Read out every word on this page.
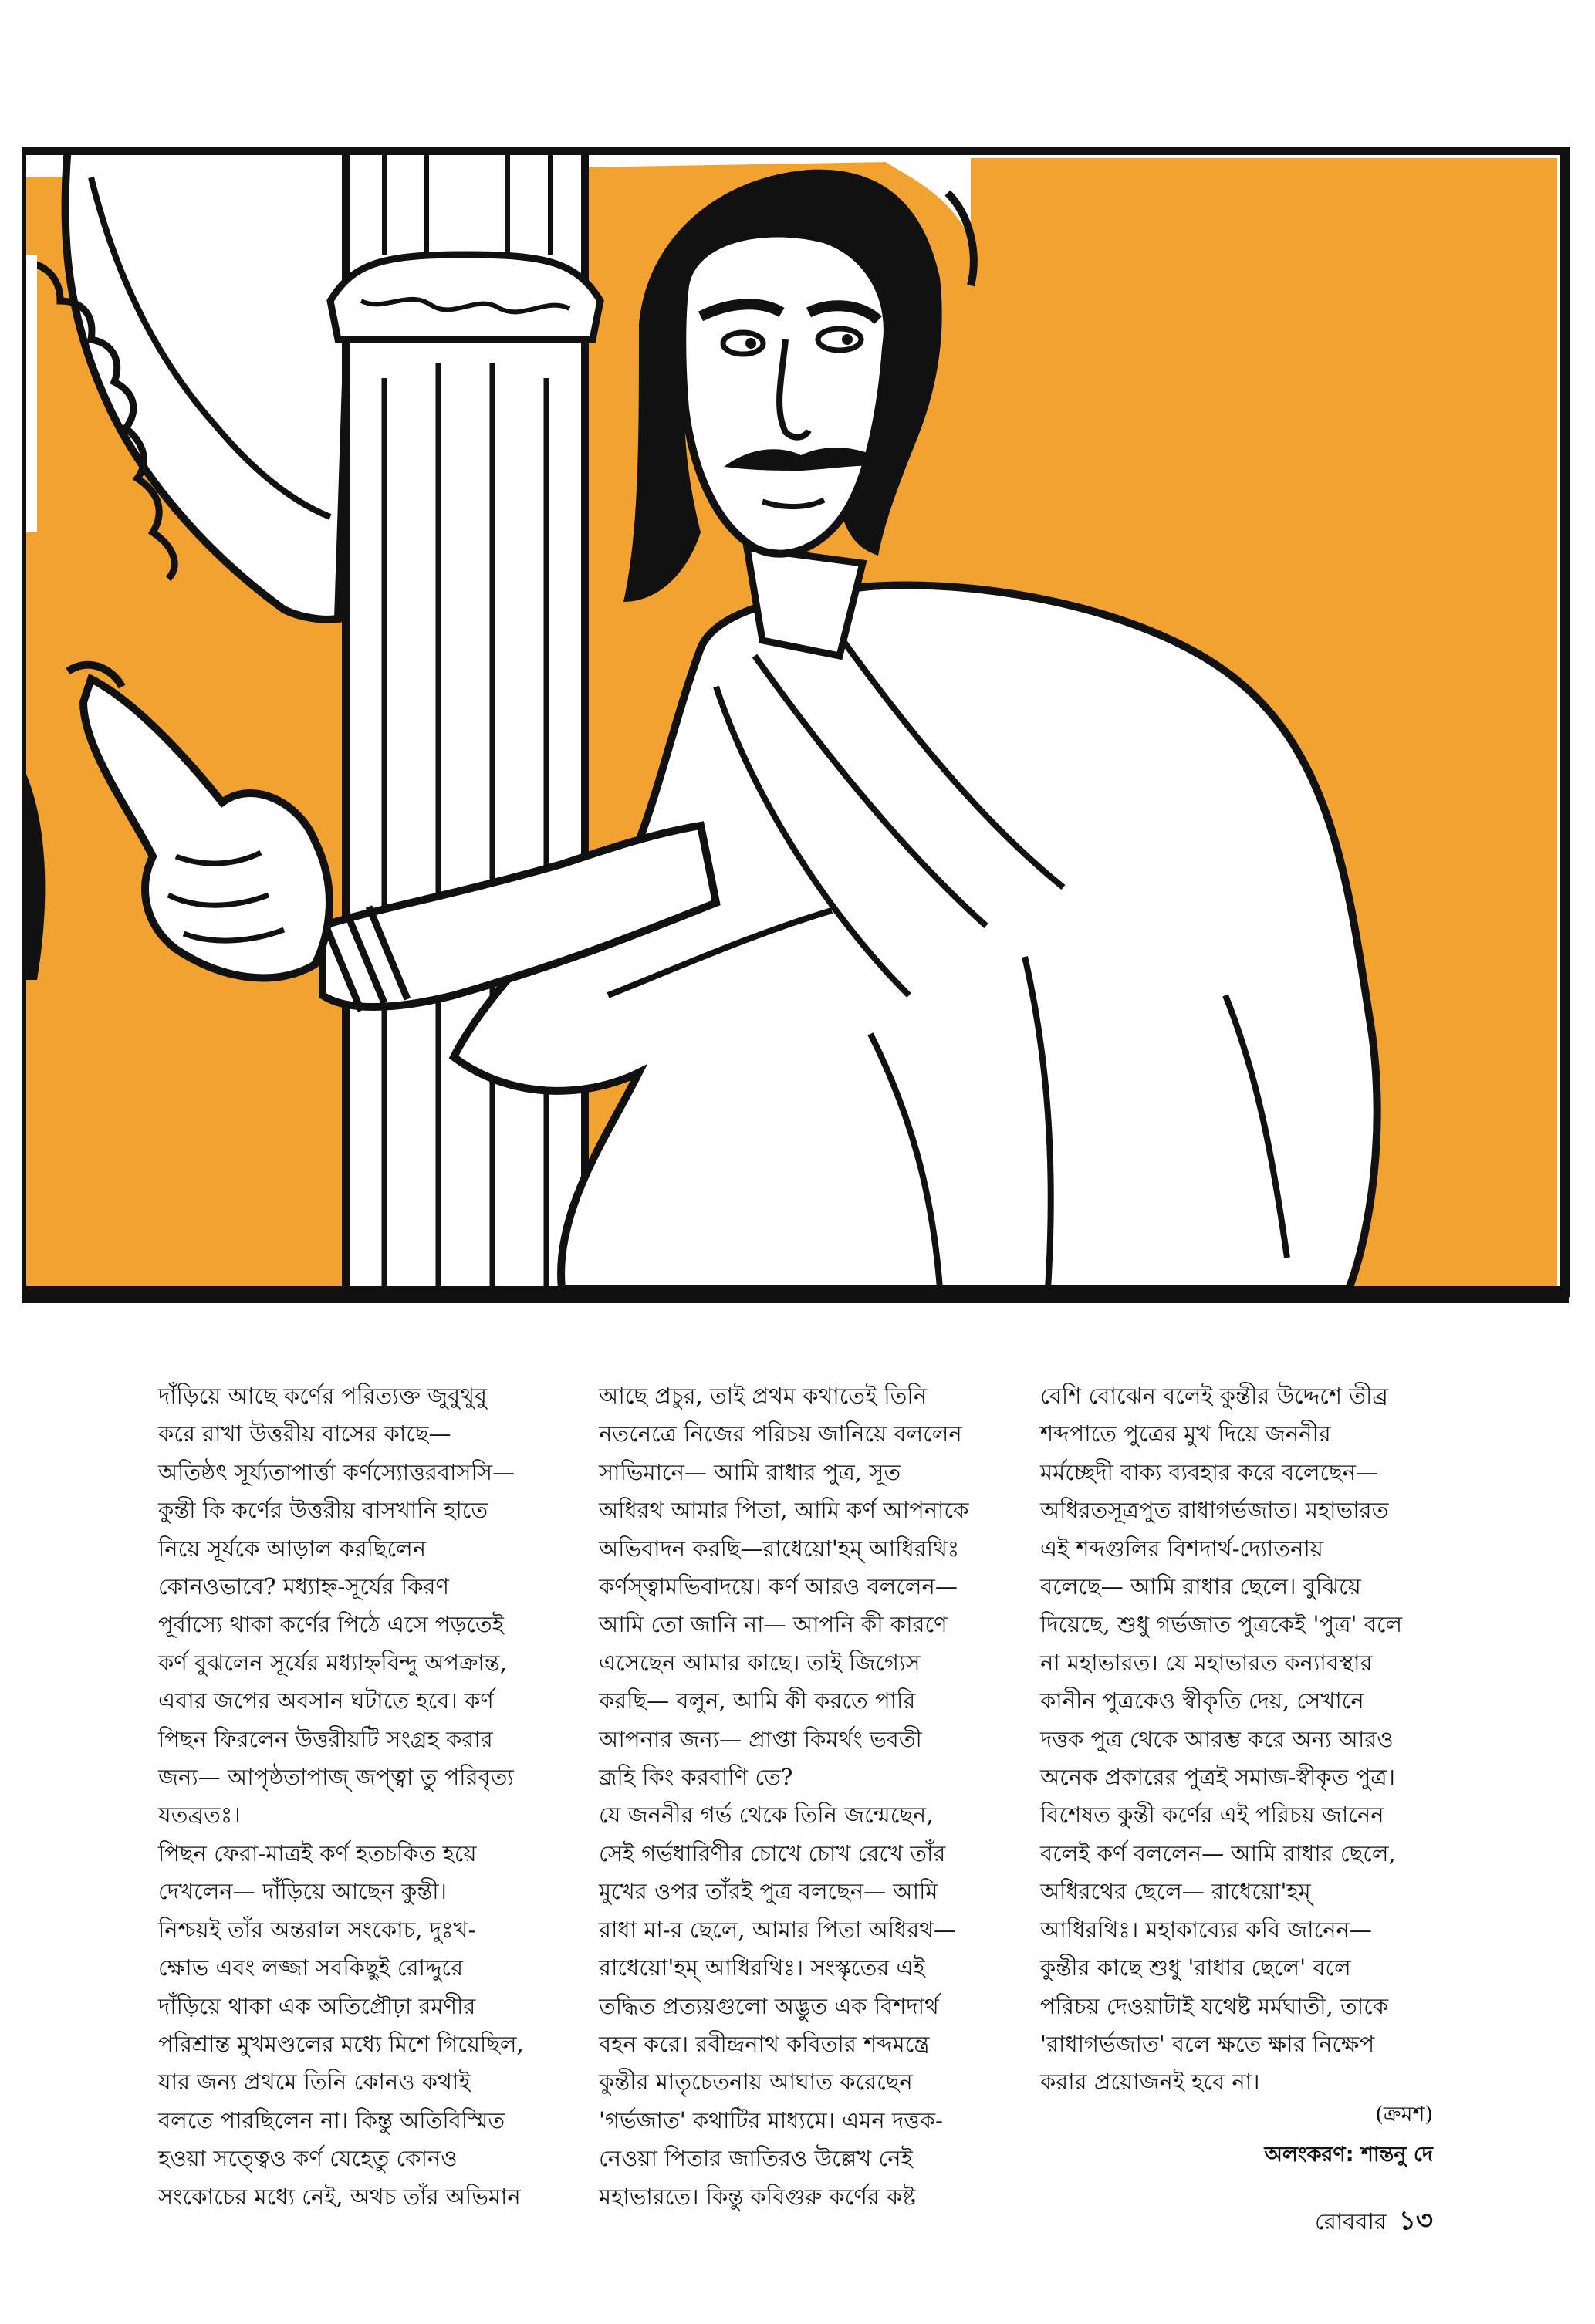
দাঁড়িয়ে আছে কর্ণের পরিত্যক্ত জুবুথুবু
করে রাখা উত্তরীয় বাসের কাছে—
অতিষ্ঠৎ সূর্য্যতাপার্ত্তা কর্ণস্যোত্তরবাসসি—
কুন্তী কি কর্ণের উত্তরীয় বাসখানি হাতে
নিয়ে সূর্যকে আড়াল করছিলেন
কোনওভাবে? মধ্যাহ্ন-সূর্যের কিরণ
পূর্বাস্যে থাকা কর্ণের পিঠে এসে পড়তেই
কর্ণ বুঝলেন সূর্যের মধ্যাহ্নবিন্দু অপক্রান্ত,
এবার জপের অবসান ঘটাতে হবে। কর্ণ
পিছন ফিরলেন উত্তরীয়টি সংগ্রহ করার
জন্য— আপৃষ্ঠতাপাজ্ জপ্ত্বা তু পরিবৃত্য
যতব্রতঃ।
পিছন ফেরা-মাত্রই কর্ণ হতচকিত হয়ে
দেখলেন— দাঁড়িয়ে আছেন কুন্তী।
নিশ্চয়ই তাঁর অন্তরাল সংকোচ, দুঃখ-
ক্ষোভ এবং লজ্জা সবকিছুই রোদ্দুরে
দাঁড়িয়ে থাকা এক অতিপ্রৌঢ়া রমণীর
পরিশ্রান্ত মুখমণ্ডলের মধ্যে মিশে গিয়েছিল,
যার জন্য প্রথমে তিনি কোনও কথাই
বলতে পারছিলেন না। কিন্তু অতিবিস্মিত
হওয়া সত্ত্বেও কর্ণ যেহেতু কোনও
সংকোচের মধ্যে নেই, অথচ তাঁর অভিমান
আছে প্রচুর, তাই প্রথম কথাতেই তিনি
নতনেত্রে নিজের পরিচয় জানিয়ে বললেন
সাভিমানে— আমি রাধার পুত্র, সূত
অধিরথ আমার পিতা, আমি কর্ণ আপনাকে
অভিবাদন করছি—রাধেয়ো'হম্ আধিরথিঃ
কর্ণস্ত্বামভিবাদয়ে। কর্ণ আরও বললেন—
আমি তো জানি না— আপনি কী কারণে
এসেছেন আমার কাছে। তাই জিগ্যেস
করছি— বলুন, আমি কী করতে পারি
আপনার জন্য— প্রাপ্তা কিমর্থং ভবতী
ব্রূহি কিং করবাণি তে?
যে জননীর গর্ভ থেকে তিনি জন্মেছেন,
সেই গর্ভধারিণীর চোখে চোখ রেখে তাঁর
মুখের ওপর তাঁরই পুত্র বলছেন— আমি
রাধা মা-র ছেলে, আমার পিতা অধিরথ—
রাধেয়ো'হম্ আধিরথিঃ। সংস্কৃতের এই
তদ্ধিত প্রত্যয়গুলো অদ্ভুত এক বিশদার্থ
বহন করে। রবীন্দ্রনাথ কবিতার শব্দমন্ত্রে
কুন্তীর মাতৃচেতনায় আঘাত করেছেন
'গর্ভজাত' কথাটির মাধ্যমে। এমন দত্তক-
নেওয়া পিতার জাতিরও উল্লেখ নেই
মহাভারতে। কিন্তু কবিগুরু কর্ণের কষ্ট
বেশি বোঝেন বলেই কুন্তীর উদ্দেশে তীব্র
শব্দপাতে পুত্রের মুখ দিয়ে জননীর
মর্মচ্ছেদী বাক্য ব্যবহার করে বলেছেন—
অধিরতসূত্রপুত রাধাগর্ভজাত। মহাভারত
এই শব্দগুলির বিশদার্থ-দ্যোতনায়
বলেছে— আমি রাধার ছেলে। বুঝিয়ে
দিয়েছে, শুধু গর্ভজাত পুত্রকেই 'পুত্র' বলে
না মহাভারত। যে মহাভারত কন্যাবস্থার
কানীন পুত্রকেও স্বীকৃতি দেয়, সেখানে
দত্তক পুত্র থেকে আরম্ভ করে অন্য আরও
অনেক প্রকারের পুত্রই সমাজ-স্বীকৃত পুত্র।
বিশেষত কুন্তী কর্ণের এই পরিচয় জানেন
বলেই কর্ণ বললেন— আমি রাধার ছেলে,
অধিরথের ছেলে— রাধেয়ো'হম্
আধিরথিঃ। মহাকাব্যের কবি জানেন—
কুন্তীর কাছে শুধু 'রাধার ছেলে' বলে
পরিচয় দেওয়াটাই যথেষ্ট মর্মঘাতী, তাকে
'রাধাগর্ভজাত' বলে ক্ষতে ক্ষার নিক্ষেপ
করার প্রয়োজনই হবে না।
(ক্রমশ)
অলংকরণ: শান্তনু দে
রোববার ১৩
